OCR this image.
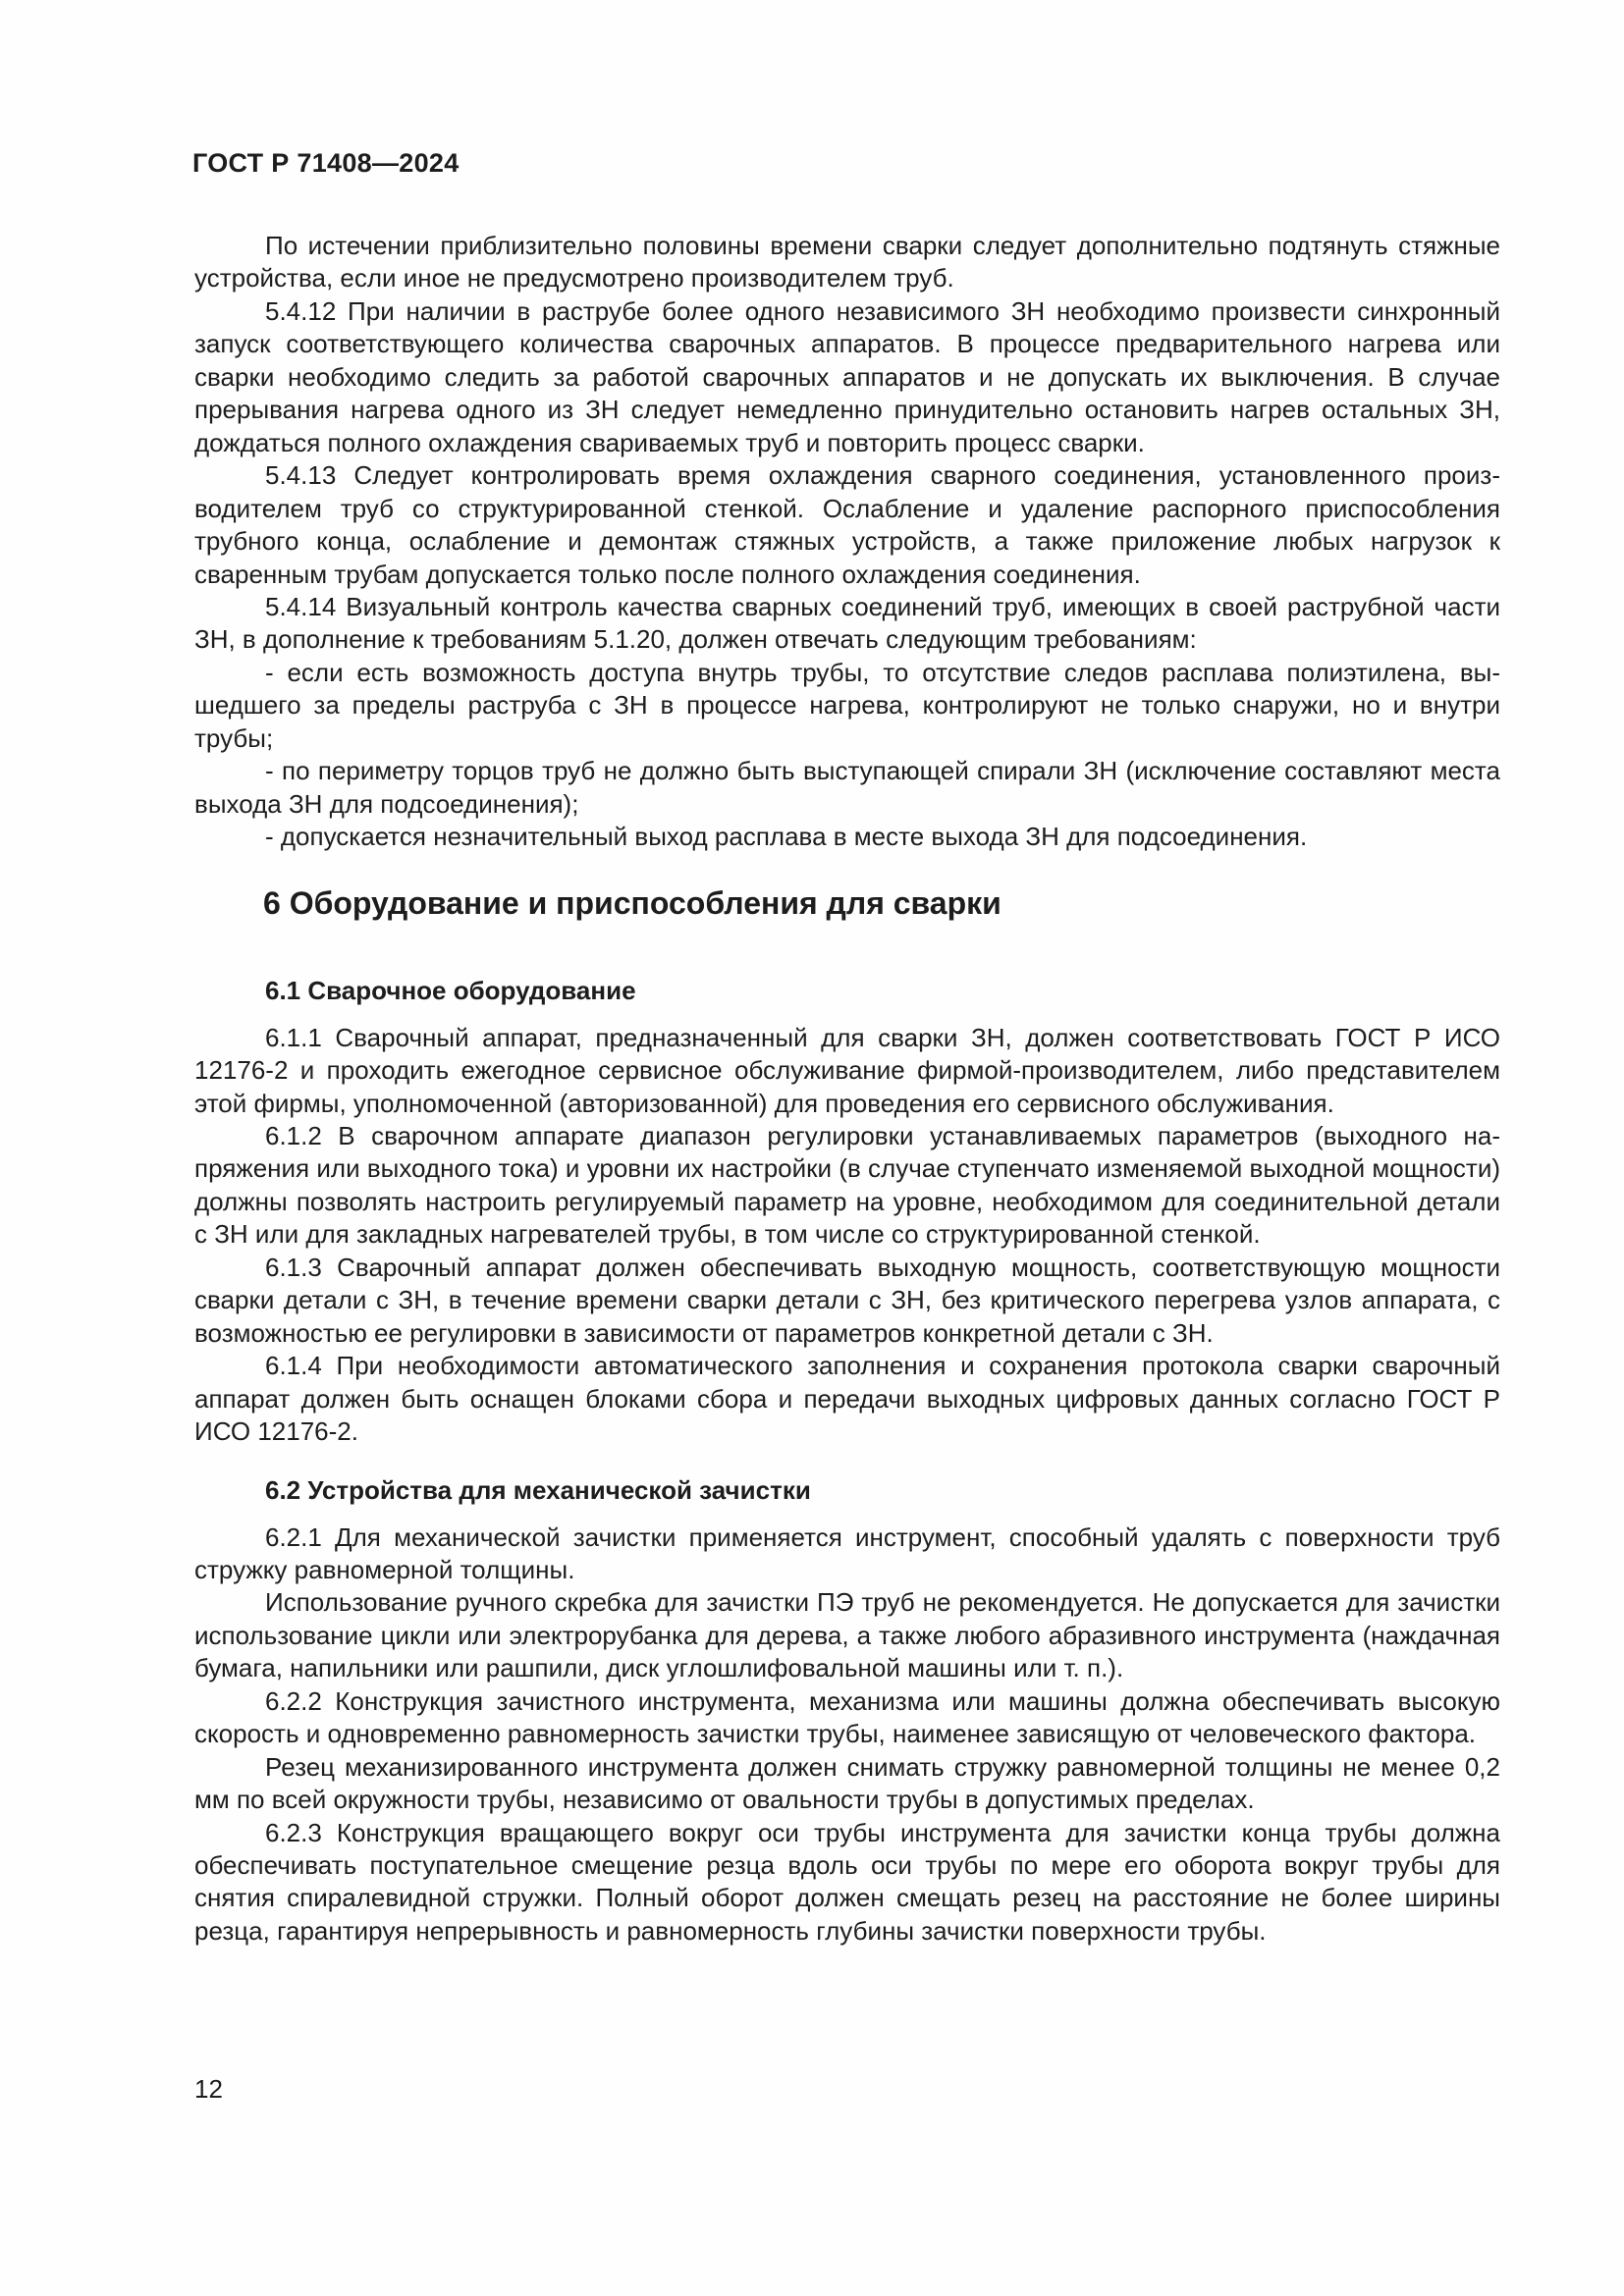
ГОСТ Р 71408—2024

По истечении приблизительно половины времени сварки следует дополнительно подтянуть стяжные устройства, если иное не предусмотрено производителем труб.

5.4.12 При наличии в раструбе более одного независимого ЗН необходимо произвести синхронный запуск соответствующего количества сварочных аппаратов. В процессе предварительного нагрева или сварки необходимо следить за работой сварочных аппаратов и не допускать их выключения. В случае прерывания нагрева одного из ЗН следует немедленно принудительно остановить нагрев остальных ЗН, дождаться полного охлаждения свариваемых труб и повторить процесс сварки.

5.4.13 Следует контролировать время охлаждения сварного соединения, установленного производителем труб со структурированной стенкой. Ослабление и удаление распорного приспособления трубного конца, ослабление и демонтаж стяжных устройств, а также приложение любых нагрузок к сваренным трубам допускается только после полного охлаждения соединения.

5.4.14 Визуальный контроль качества сварных соединений труб, имеющих в своей раструбной части ЗН, в дополнение к требованиям 5.1.20, должен отвечать следующим требованиям:

- если есть возможность доступа внутрь трубы, то отсутствие следов расплава полиэтилена, вышедшего за пределы раструба с ЗН в процессе нагрева, контролируют не только снаружи, но и внутри трубы;

- по периметру торцов труб не должно быть выступающей спирали ЗН (исключение составляют места выхода ЗН для подсоединения);

- допускается незначительный выход расплава в месте выхода ЗН для подсоединения.

6 Оборудование и приспособления для сварки
6.1 Сварочное оборудование

6.1.1 Сварочный аппарат, предназначенный для сварки ЗН, должен соответствовать ГОСТ Р ИСО 12176-2 и проходить ежегодное сервисное обслуживание фирмой-производителем, либо представителем этой фирмы, уполномоченной (авторизованной) для проведения его сервисного обслуживания.

6.1.2 В сварочном аппарате диапазон регулировки устанавливаемых параметров (выходного напряжения или выходного тока) и уровни их настройки (в случае ступенчато изменяемой выходной мощности) должны позволять настроить регулируемый параметр на уровне, необходимом для соединительной детали с ЗН или для закладных нагревателей трубы, в том числе со структурированной стенкой.

6.1.3 Сварочный аппарат должен обеспечивать выходную мощность, соответствующую мощности сварки детали с ЗН, в течение времени сварки детали с ЗН, без критического перегрева узлов аппарата, с возможностью ее регулировки в зависимости от параметров конкретной детали с ЗН.

6.1.4 При необходимости автоматического заполнения и сохранения протокола сварки сварочный аппарат должен быть оснащен блоками сбора и передачи выходных цифровых данных согласно ГОСТ Р ИСО 12176-2.

6.2 Устройства для механической зачистки

6.2.1 Для механической зачистки применяется инструмент, способный удалять с поверхности труб стружку равномерной толщины.

Использование ручного скребка для зачистки ПЭ труб не рекомендуется. Не допускается для зачистки использование цикли или электрорубанка для дерева, а также любого абразивного инструмента (наждачная бумага, напильники или рашпили, диск углошлифовальной машины или т. п.).

6.2.2 Конструкция зачистного инструмента, механизма или машины должна обеспечивать высокую скорость и одновременно равномерность зачистки трубы, наименее зависящую от человеческого фактора.

Резец механизированного инструмента должен снимать стружку равномерной толщины не менее 0,2 мм по всей окружности трубы, независимо от овальности трубы в допустимых пределах.

6.2.3 Конструкция вращающего вокруг оси трубы инструмента для зачистки конца трубы должна обеспечивать поступательное смещение резца вдоль оси трубы по мере его оборота вокруг трубы для снятия спиралевидной стружки. Полный оборот должен смещать резец на расстояние не более ширины резца, гарантируя непрерывность и равномерность глубины зачистки поверхности трубы.

12
